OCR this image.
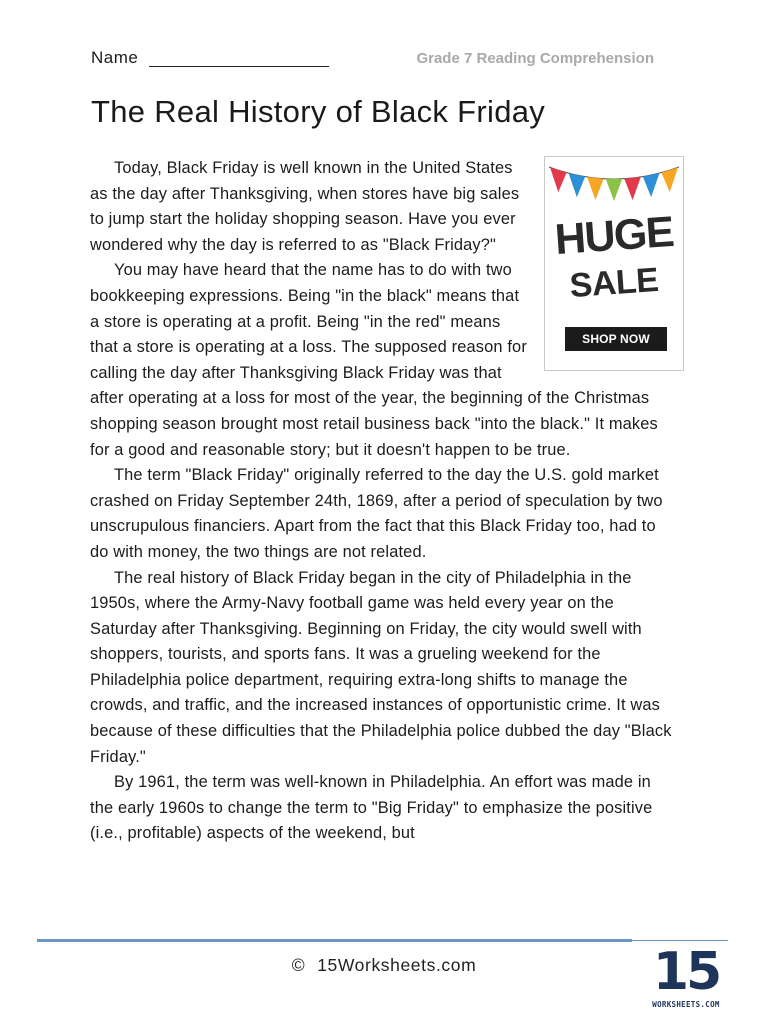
Name	Grade 7 Reading Comprehension
The Real History of Black Friday
HUGE
SALE
SHOP NOW

Today, Black Friday is well known in the United States as the day after Thanksgiving, when stores have big sales to jump start the holiday shopping season. Have you ever wondered why the day is referred to as "Black Friday?"

You may have heard that the name has to do with two bookkeeping expressions. Being "in the black" means that a store is operating at a profit. Being "in the red" means that a store is operating at a loss. The supposed reason for calling the day after Thanksgiving Black Friday was that after operating at a loss for most of the year, the beginning of the Christmas shopping season brought most retail business back "into the black." It makes for a good and reasonable story; but it doesn't happen to be true.

The term "Black Friday" originally referred to the day the U.S. gold market crashed on Friday September 24th, 1869, after a period of speculation by two unscrupulous financiers. Apart from the fact that this Black Friday too, had to do with money, the two things are not related.

The real history of Black Friday began in the city of Philadelphia in the 1950s, where the Army-Navy football game was held every year on the Saturday after Thanksgiving. Beginning on Friday, the city would swell with shoppers, tourists, and sports fans. It was a grueling weekend for the Philadelphia police department, requiring extra-long shifts to manage the crowds, and traffic, and the increased instances of opportunistic crime. It was because of these difficulties that the Philadelphia police dubbed the day "Black Friday."

By 1961, the term was well-known in Philadelphia. An effort was made in the early 1960s to change the term to "Big Friday" to emphasize the positive (i.e., profitable) aspects of the weekend, but

© 15Worksheets.com	15
WORKSHEETS.COM
